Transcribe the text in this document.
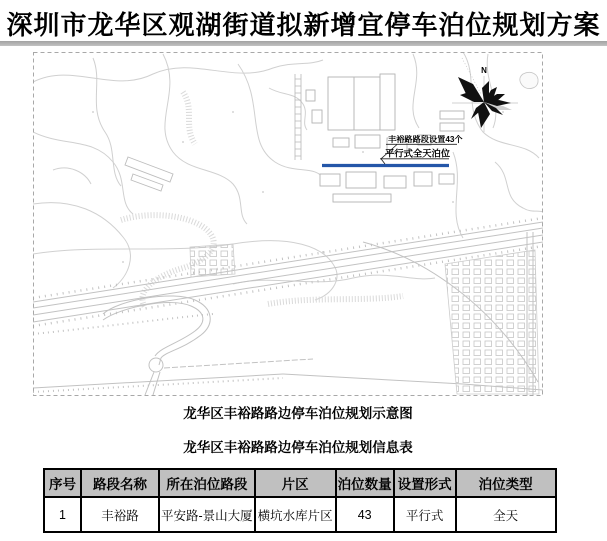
深圳市龙华区观湖街道拟新增宜停车泊位规划方案
N
丰裕路路段设置43个
平行式全天泊位
龙华区丰裕路路边停车泊位规划示意图
龙华区丰裕路路边停车泊位规划信息表
序号	路段名称	所在泊位路段	片区	泊位数量	设置形式	泊位类型
1	丰裕路	平安路-景山大厦	横坑水库片区	43	平行式	全天
